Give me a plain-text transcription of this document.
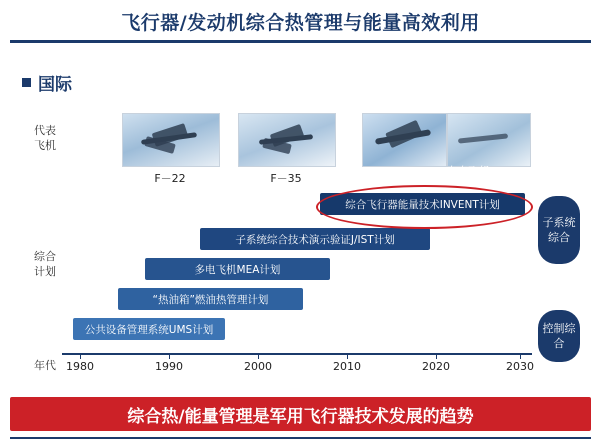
飞行器/发动机综合热管理与能量高效利用
国际
代表
飞机
综合
计划
年代
F－22	F－35
未来飞机
公共设备管理系统UMS计划
“热油箱”燃油热管理计划
多电飞机MEA计划
子系统综合技术演示验证J/IST计划
综合飞行器能量技术INVENT计划
子系统综合
控制综合
1980	1990	2000	2010	2020	2030
综合热/能量管理是军用飞行器技术发展的趋势
